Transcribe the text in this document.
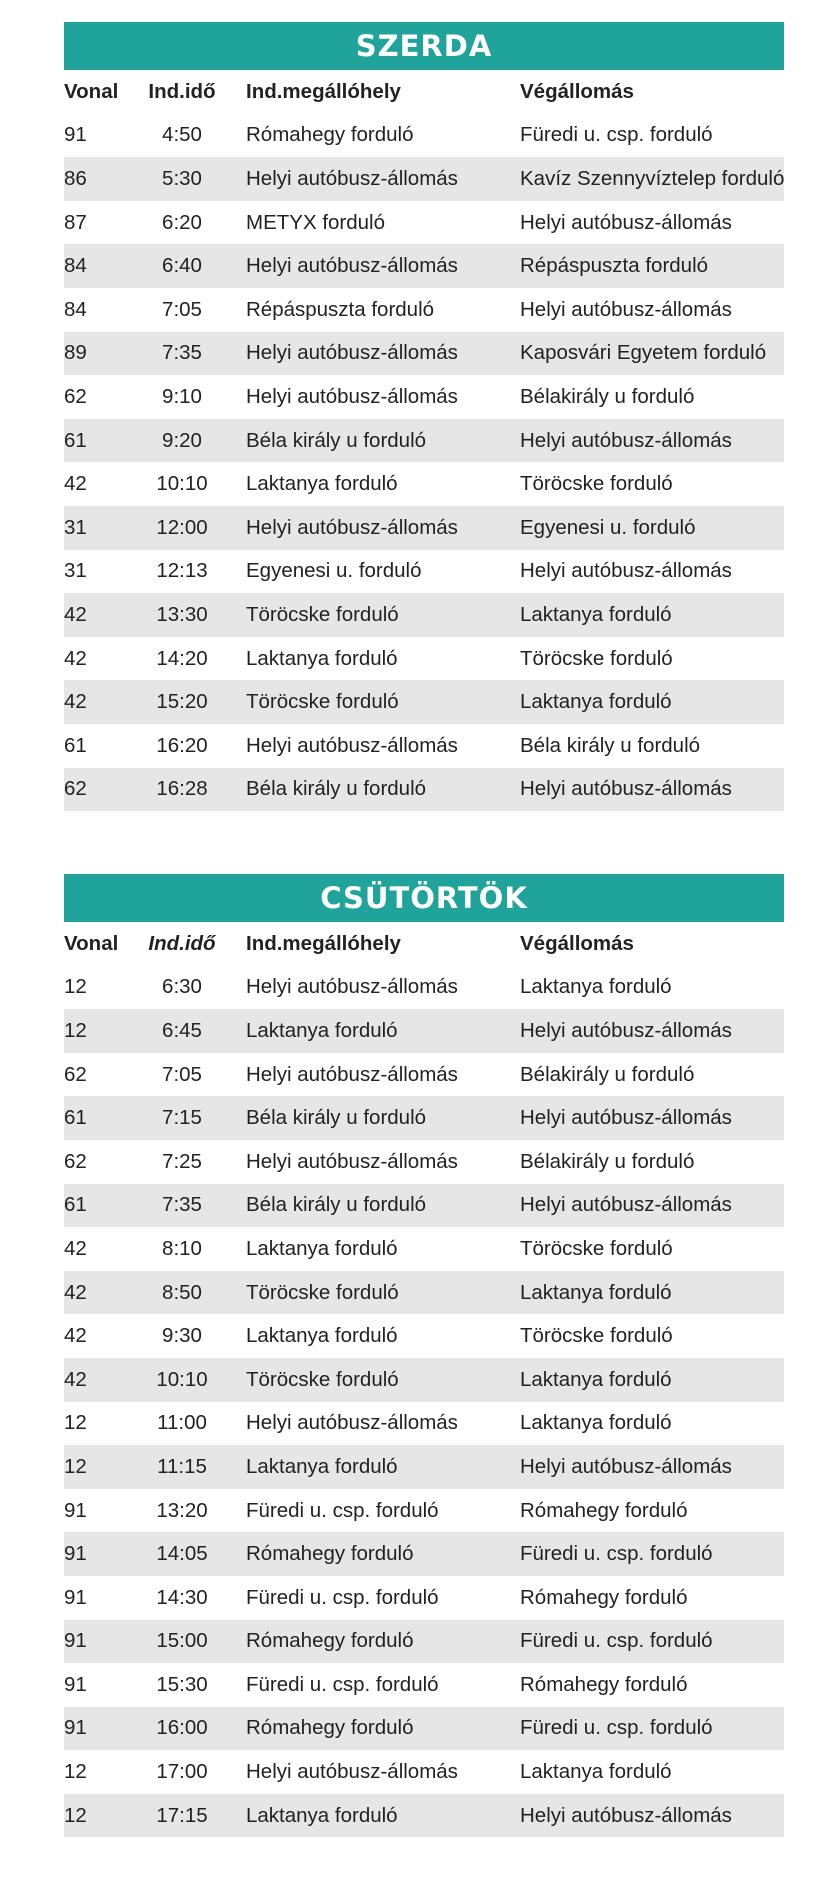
SZERDA
Vonal	Ind.idő	Ind.megállóhely	Végállomás
91	4:50	Rómahegy forduló	Füredi u. csp. forduló
86	5:30	Helyi autóbusz-állomás	Kavíz Szennyvíztelep forduló
87	6:20	METYX forduló	Helyi autóbusz-állomás
84	6:40	Helyi autóbusz-állomás	Répáspuszta forduló
84	7:05	Répáspuszta forduló	Helyi autóbusz-állomás
89	7:35	Helyi autóbusz-állomás	Kaposvári Egyetem forduló
62	9:10	Helyi autóbusz-állomás	Bélakirály u forduló
61	9:20	Béla király u forduló	Helyi autóbusz-állomás
42	10:10	Laktanya forduló	Töröcske forduló
31	12:00	Helyi autóbusz-állomás	Egyenesi u. forduló
31	12:13	Egyenesi u. forduló	Helyi autóbusz-állomás
42	13:30	Töröcske forduló	Laktanya forduló
42	14:20	Laktanya forduló	Töröcske forduló
42	15:20	Töröcske forduló	Laktanya forduló
61	16:20	Helyi autóbusz-állomás	Béla király u forduló
62	16:28	Béla király u forduló	Helyi autóbusz-állomás
CSÜTÖRTÖK
Vonal	Ind.idő	Ind.megállóhely	Végállomás
12	6:30	Helyi autóbusz-állomás	Laktanya forduló
12	6:45	Laktanya forduló	Helyi autóbusz-állomás
62	7:05	Helyi autóbusz-állomás	Bélakirály u forduló
61	7:15	Béla király u forduló	Helyi autóbusz-állomás
62	7:25	Helyi autóbusz-állomás	Bélakirály u forduló
61	7:35	Béla király u forduló	Helyi autóbusz-állomás
42	8:10	Laktanya forduló	Töröcske forduló
42	8:50	Töröcske forduló	Laktanya forduló
42	9:30	Laktanya forduló	Töröcske forduló
42	10:10	Töröcske forduló	Laktanya forduló
12	11:00	Helyi autóbusz-állomás	Laktanya forduló
12	11:15	Laktanya forduló	Helyi autóbusz-állomás
91	13:20	Füredi u. csp. forduló	Rómahegy forduló
91	14:05	Rómahegy forduló	Füredi u. csp. forduló
91	14:30	Füredi u. csp. forduló	Rómahegy forduló
91	15:00	Rómahegy forduló	Füredi u. csp. forduló
91	15:30	Füredi u. csp. forduló	Rómahegy forduló
91	16:00	Rómahegy forduló	Füredi u. csp. forduló
12	17:00	Helyi autóbusz-állomás	Laktanya forduló
12	17:15	Laktanya forduló	Helyi autóbusz-állomás
